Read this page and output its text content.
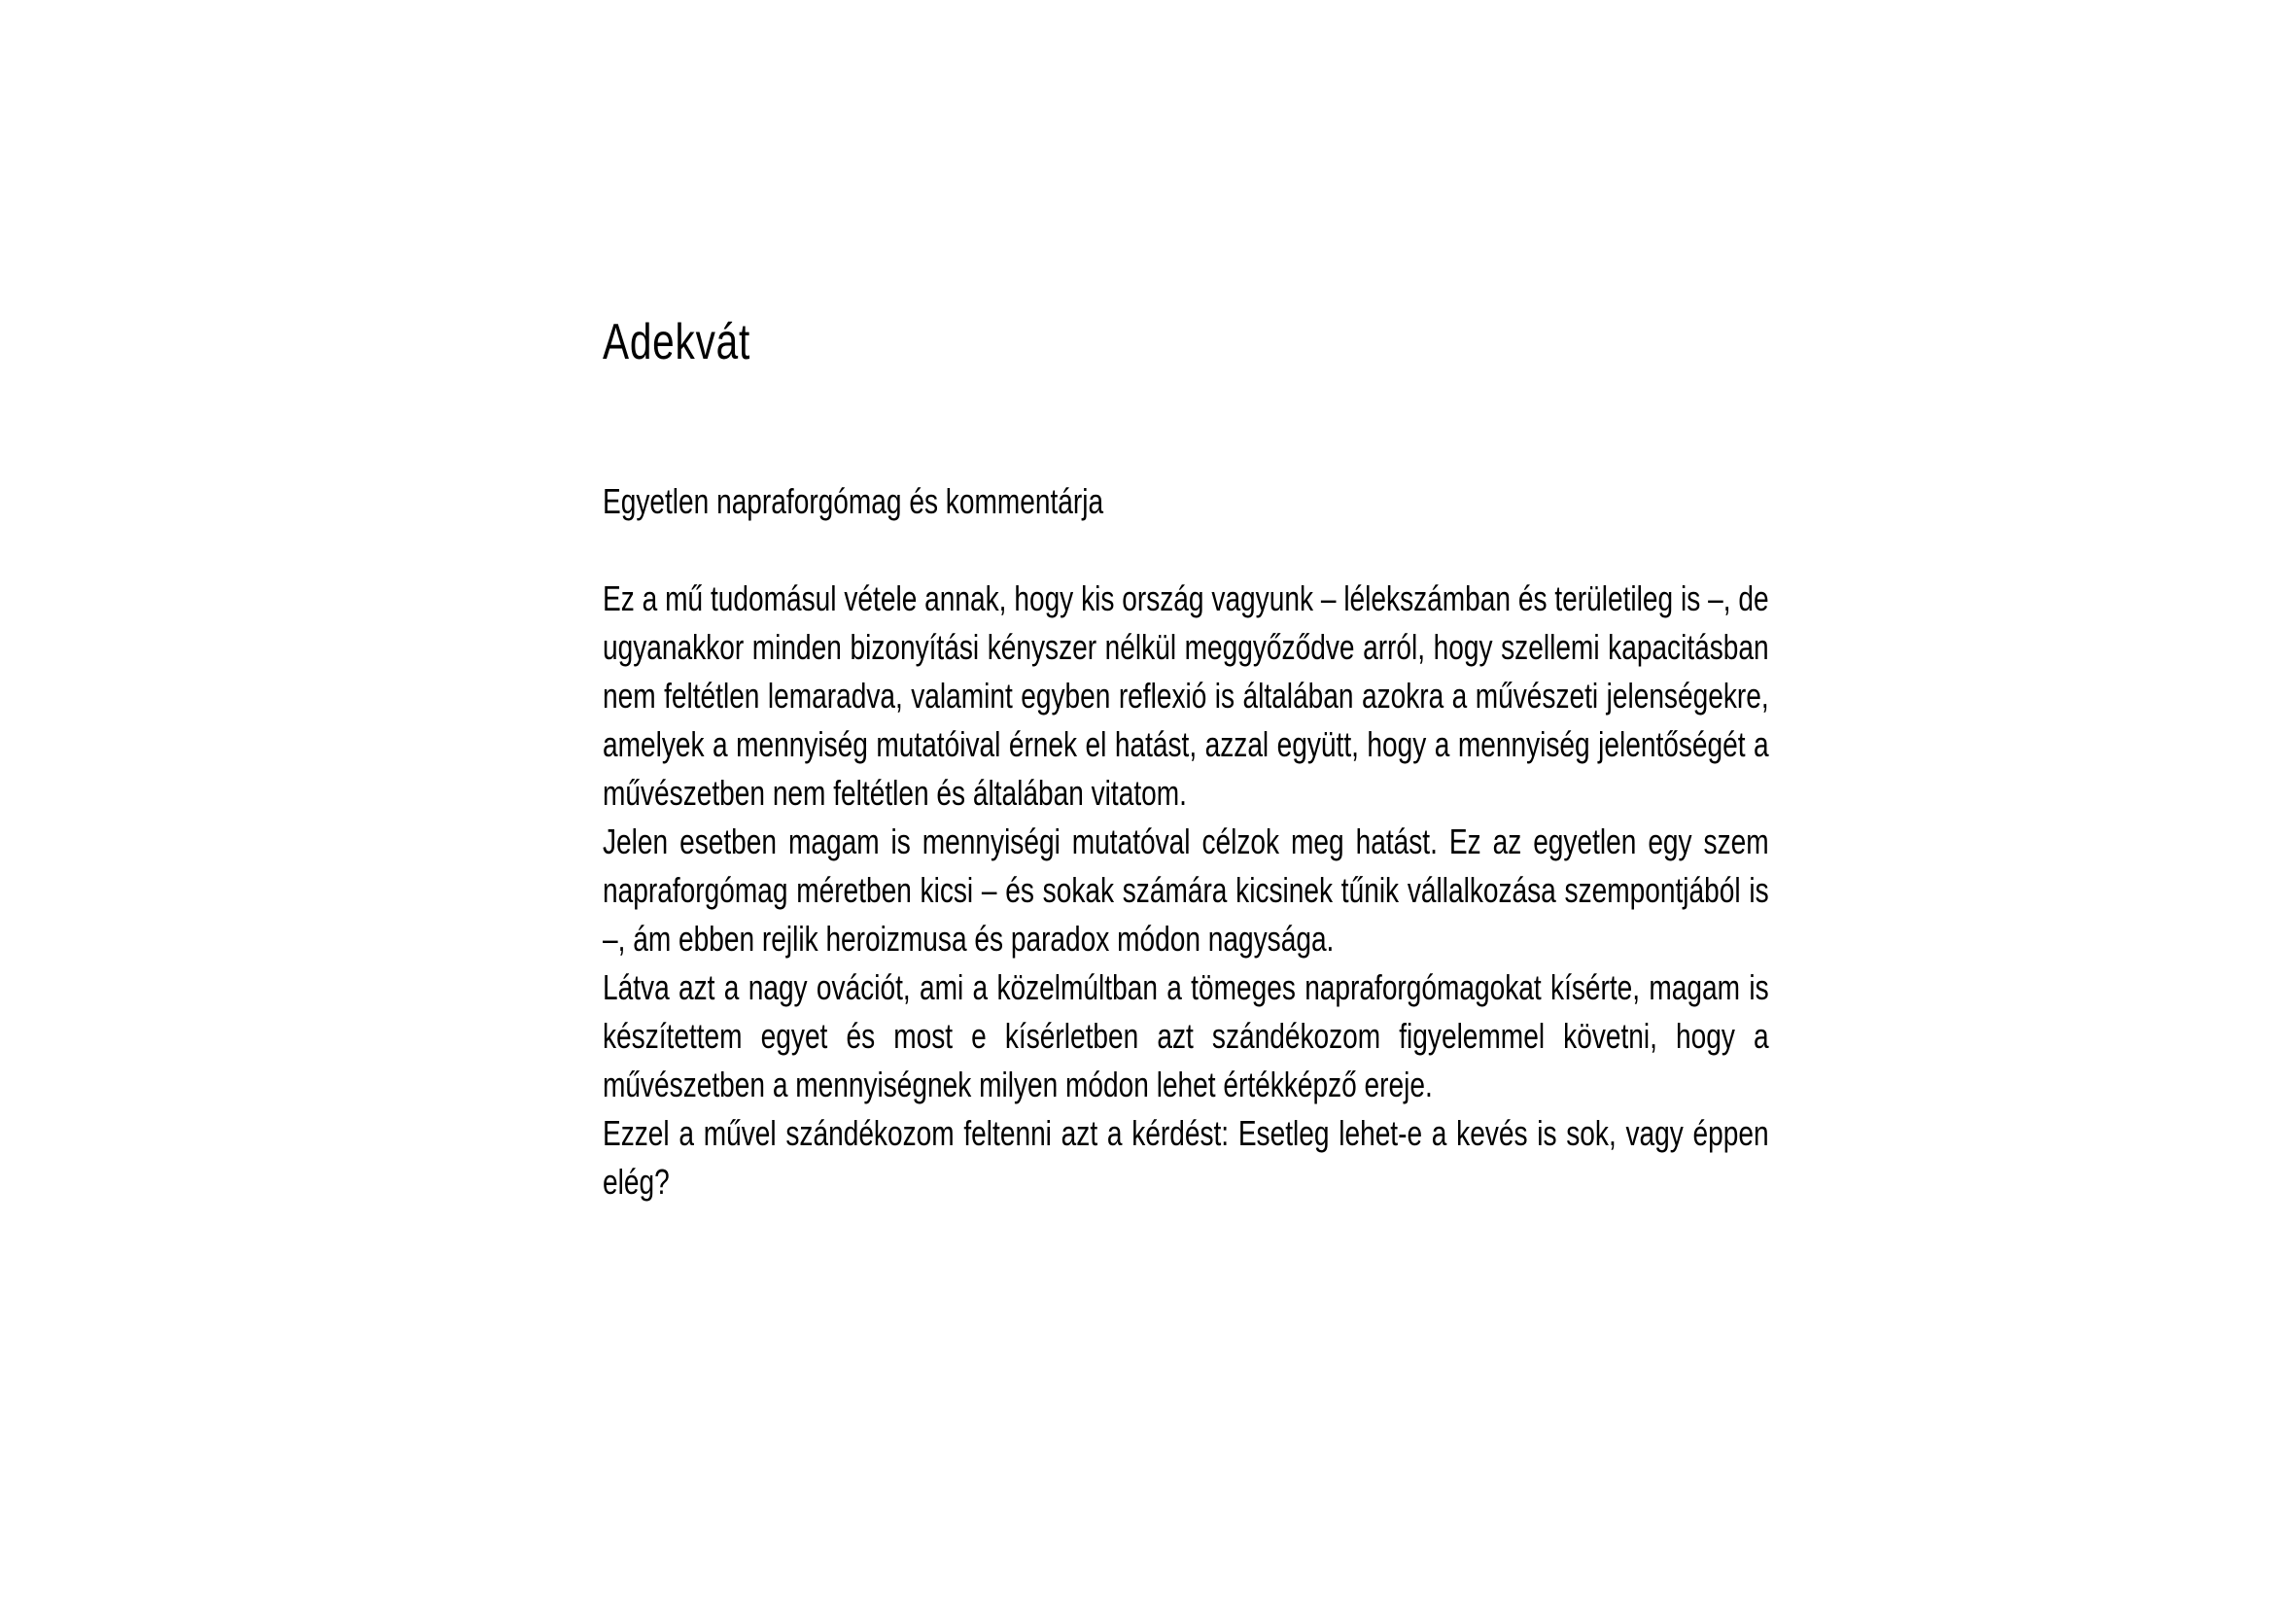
Adekvát

Egyetlen napraforgómag és kommentárja

Ez a mű tudomásul vétele annak, hogy kis ország vagyunk – lélekszámban és területileg is –, de ugyanakkor minden bizonyítási kényszer nélkül meggyőződve arról, hogy szellemi kapacitásban nem feltétlen lemaradva, valamint egyben reflexió is általában azokra a művészeti jelenségekre, amelyek a mennyiség mutatóival érnek el hatást, azzal együtt, hogy a mennyiség jelentőségét a művészetben nem feltétlen és általában vitatom.

Jelen esetben magam is mennyiségi mutatóval célzok meg hatást. Ez az egyetlen egy szem napraforgómag méretben kicsi – és sokak számára kicsinek tűnik vállalkozása szempontjából is –, ám ebben rejlik heroizmusa és paradox módon nagysága.

Látva azt a nagy ovációt, ami a közelmúltban a tömeges napraforgómagokat kísérte, magam is készítettem egyet és most e kísérletben azt szándékozom figyelemmel követni, hogy a művészetben a mennyiségnek milyen módon lehet értékképző ereje.

Ezzel a művel szándékozom feltenni azt a kérdést: Esetleg lehet-e a kevés is sok, vagy éppen elég?
